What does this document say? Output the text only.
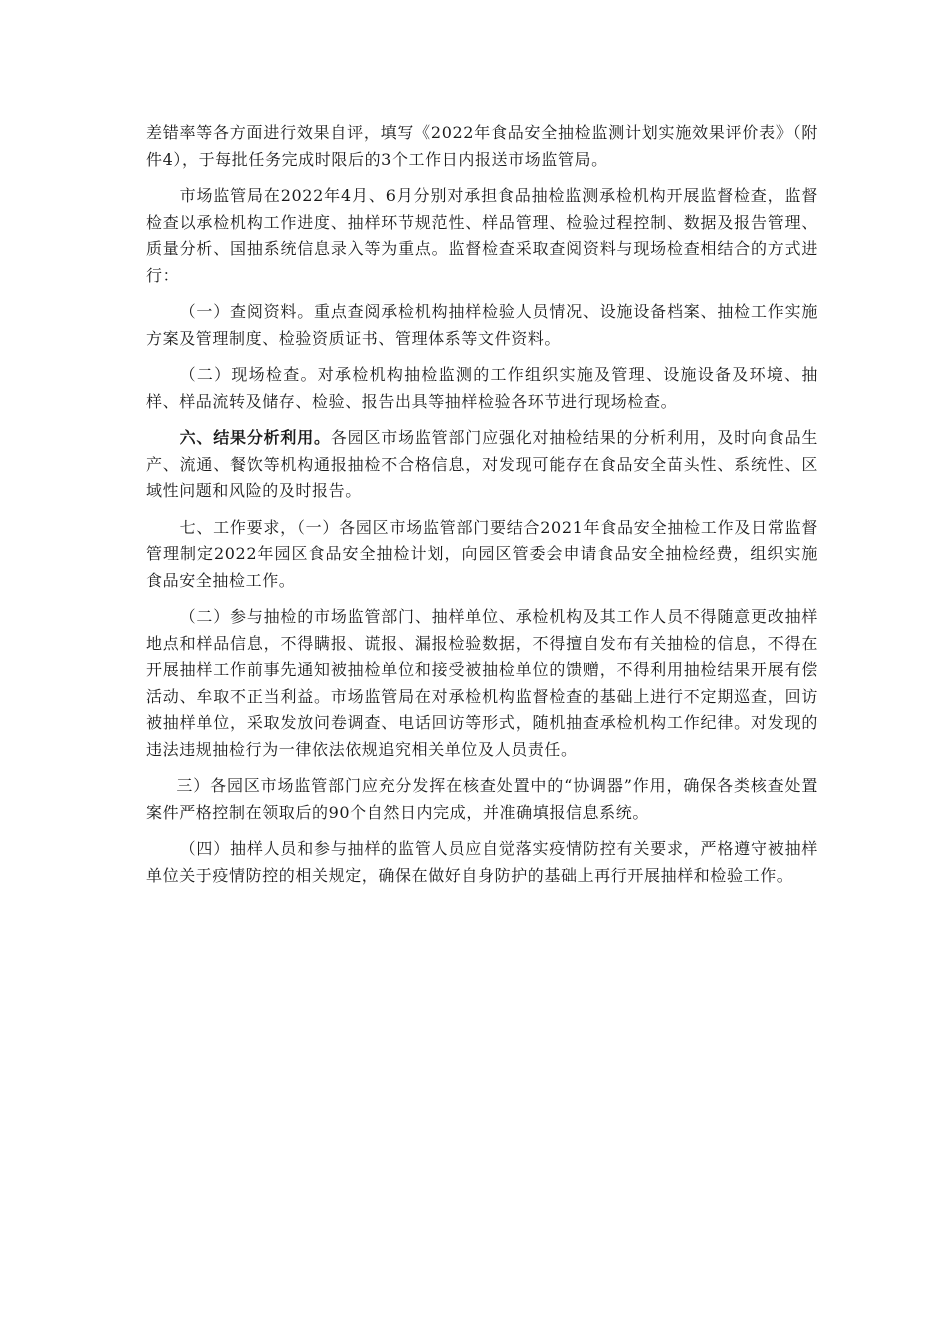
差错率等各方面进行效果自评，填写《2022年食品安全抽检监测计划实施效果评价表》（附件4），于每批任务完成时限后的3个工作日内报送市场监管局。

市场监管局在2022年4月、6月分别对承担食品抽检监测承检机构开展监督检查，监督检查以承检机构工作进度、抽样环节规范性、样品管理、检验过程控制、数据及报告管理、质量分析、国抽系统信息录入等为重点。监督检查采取查阅资料与现场检查相结合的方式进行：

（一）查阅资料。重点查阅承检机构抽样检验人员情况、设施设备档案、抽检工作实施方案及管理制度、检验资质证书、管理体系等文件资料。

（二）现场检查。对承检机构抽检监测的工作组织实施及管理、设施设备及环境、抽样、样品流转及储存、检验、报告出具等抽样检验各环节进行现场检查。

六、结果分析利用。各园区市场监管部门应强化对抽检结果的分析利用，及时向食品生产、流通、餐饮等机构通报抽检不合格信息，对发现可能存在食品安全苗头性、系统性、区域性问题和风险的及时报告。

七、工作要求，（一）各园区市场监管部门要结合2021年食品安全抽检工作及日常监督管理制定2022年园区食品安全抽检计划，向园区管委会申请食品安全抽检经费，组织实施食品安全抽检工作。

（二）参与抽检的市场监管部门、抽样单位、承检机构及其工作人员不得随意更改抽样地点和样品信息，不得瞒报、谎报、漏报检验数据，不得擅自发布有关抽检的信息，不得在开展抽样工作前事先通知被抽检单位和接受被抽检单位的馈赠，不得利用抽检结果开展有偿活动、牟取不正当利益。市场监管局在对承检机构监督检查的基础上进行不定期巡查，回访被抽样单位，采取发放问卷调查、电话回访等形式，随机抽查承检机构工作纪律。对发现的违法违规抽检行为一律依法依规追究相关单位及人员责任。

三）各园区市场监管部门应充分发挥在核查处置中的“协调器”作用，确保各类核查处置案件严格控制在领取后的90个自然日内完成，并准确填报信息系统。

（四）抽样人员和参与抽样的监管人员应自觉落实疫情防控有关要求，严格遵守被抽样单位关于疫情防控的相关规定，确保在做好自身防护的基础上再行开展抽样和检验工作。
